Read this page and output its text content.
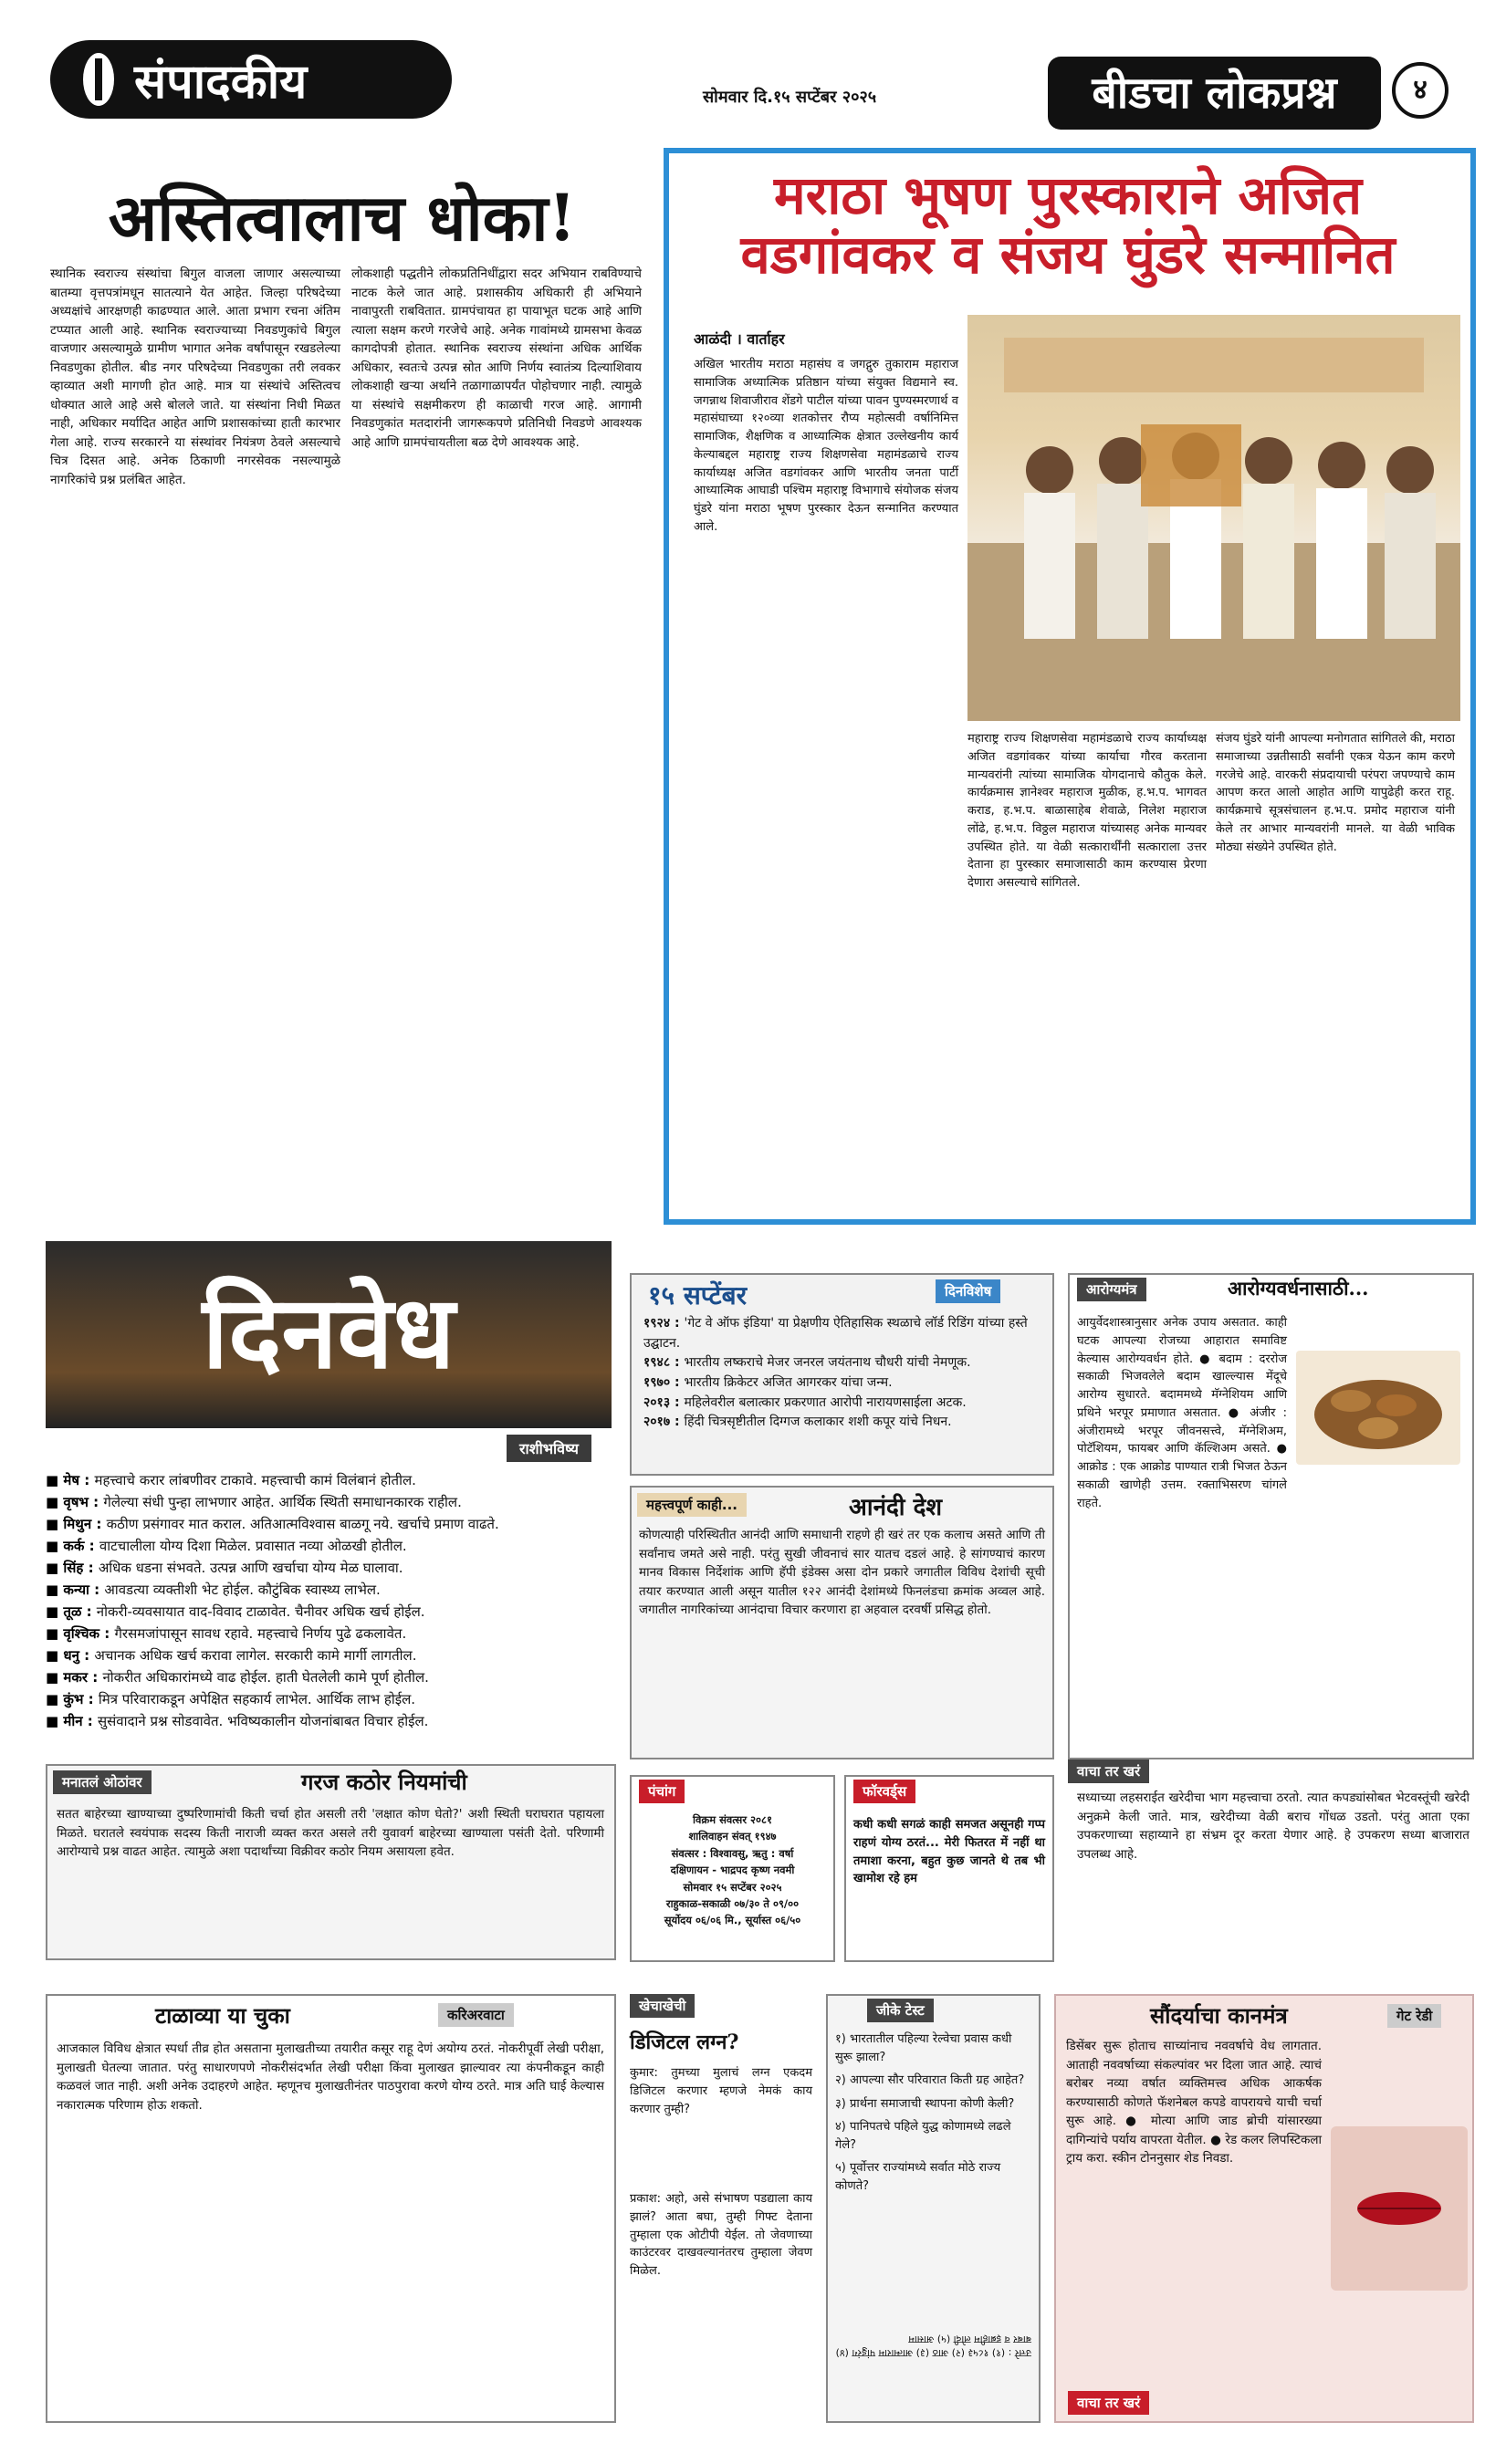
संपादकीय	सोमवार दि.१५ सप्टेंबर २०२५	बीडचा लोकप्रश्न	४
अस्तित्वालाच धोका!
स्थानिक स्वराज्य संस्थांचा बिगुल वाजला जाणार असल्याच्या बातम्या वृत्तपत्रांमधून सातत्याने येत आहेत. जिल्हा परिषदेच्या अध्यक्षांचे आरक्षणही काढण्यात आले. आता प्रभाग रचना अंतिम टप्प्यात आली आहे. स्थानिक स्वराज्याच्या निवडणुकांचे बिगुल वाजणार असल्यामुळे ग्रामीण भागात अनेक वर्षांपासून रखडलेल्या निवडणुका होतील. बीड नगर परिषदेच्या निवडणुका तरी लवकर व्हाव्यात अशी मागणी होत आहे. मात्र या संस्थांचे अस्तित्वच धोक्यात आले आहे असे बोलले जाते. या संस्थांना निधी मिळत नाही, अधिकार मर्यादित आहेत आणि प्रशासकांच्या हाती कारभार गेला आहे. राज्य सरकारने या संस्थांवर नियंत्रण ठेवले असल्याचे चित्र दिसत आहे. अनेक ठिकाणी नगरसेवक नसल्यामुळे नागरिकांचे प्रश्न प्रलंबित आहेत.
लोकशाही पद्धतीने लोकप्रतिनिधींद्वारा सदर अभियान राबविण्याचे नाटक केले जात आहे. प्रशासकीय अधिकारी ही अभियाने नावापुरती राबवितात. ग्रामपंचायत हा पायाभूत घटक आहे आणि त्याला सक्षम करणे गरजेचे आहे. अनेक गावांमध्ये ग्रामसभा केवळ कागदोपत्री होतात. स्थानिक स्वराज्य संस्थांना अधिक आर्थिक अधिकार, स्वतःचे उत्पन्न स्रोत आणि निर्णय स्वातंत्र्य दिल्याशिवाय लोकशाही खऱ्या अर्थाने तळागाळापर्यंत पोहोचणार नाही. त्यामुळे या संस्थांचे सक्षमीकरण ही काळाची गरज आहे. आगामी निवडणुकांत मतदारांनी जागरूकपणे प्रतिनिधी निवडणे आवश्यक आहे आणि ग्रामपंचायतीला बळ देणे आवश्यक आहे.
मराठा भूषण पुरस्काराने अजित वडगांवकर व संजय घुंडरे सन्मानित
आळंदी । वार्ताहर
अखिल भारतीय मराठा महासंघ व जगद्गुरु तुकाराम महाराज सामाजिक अध्यात्मिक प्रतिष्ठान यांच्या संयुक्त विद्यमाने स्व. जगन्नाथ शिवाजीराव शेंडगे पाटील यांच्या पावन पुण्यस्मरणार्थ व महासंघाच्या १२०व्या शतकोत्तर रौप्य महोत्सवी वर्षानिमित्त सामाजिक, शैक्षणिक व आध्यात्मिक क्षेत्रात उल्लेखनीय कार्य केल्याबद्दल महाराष्ट्र राज्य शिक्षणसेवा महामंडळाचे राज्य कार्याध्यक्ष अजित वडगांवकर आणि भारतीय जनता पार्टी आध्यात्मिक आघाडी पश्चिम महाराष्ट्र विभागाचे संयोजक संजय घुंडरे यांना मराठा भूषण पुरस्कार देऊन सन्मानित करण्यात आले.
महाराष्ट्र राज्य शिक्षणसेवा महामंडळाचे राज्य कार्याध्यक्ष अजित वडगांवकर यांच्या कार्याचा गौरव करताना मान्यवरांनी त्यांच्या सामाजिक योगदानाचे कौतुक केले. कार्यक्रमास ज्ञानेश्वर महाराज मुळीक, ह.भ.प. भागवत कराड, ह.भ.प. बाळासाहेब शेवाळे, निलेश महाराज लोंढे, ह.भ.प. विठ्ठल महाराज यांच्यासह अनेक मान्यवर उपस्थित होते. या वेळी सत्कारार्थींनी सत्काराला उत्तर देताना हा पुरस्कार समाजासाठी काम करण्यास प्रेरणा देणारा असल्याचे सांगितले.
संजय घुंडरे यांनी आपल्या मनोगतात सांगितले की, मराठा समाजाच्या उन्नतीसाठी सर्वांनी एकत्र येऊन काम करणे गरजेचे आहे. वारकरी संप्रदायाची परंपरा जपण्याचे काम आपण करत आलो आहोत आणि यापुढेही करत राहू. कार्यक्रमाचे सूत्रसंचालन ह.भ.प. प्रमोद महाराज यांनी केले तर आभार मान्यवरांनी मानले. या वेळी भाविक मोठ्या संख्येने उपस्थित होते.
दिनवेध
राशीभविष्य
■ मेष : महत्त्वाचे करार लांबणीवर टाकावे. महत्त्वाची कामं विलंबानं होतील.
■ वृषभ : गेलेल्या संधी पुन्हा लाभणार आहेत. आर्थिक स्थिती समाधानकारक राहील.
■ मिथुन : कठीण प्रसंगावर मात कराल. अतिआत्मविश्वास बाळगू नये. खर्चाचे प्रमाण वाढते.
■ कर्क : वाटचालीला योग्य दिशा मिळेल. प्रवासात नव्या ओळखी होतील.
■ सिंह : अधिक धडना संभवते. उत्पन्न आणि खर्चाचा योग्य मेळ घालावा.
■ कन्या : आवडत्या व्यक्तीशी भेट होईल. कौटुंबिक स्वास्थ्य लाभेल.
■ तूळ : नोकरी-व्यवसायात वाद-विवाद टाळावेत. चैनीवर अधिक खर्च होईल.
■ वृश्चिक : गैरसमजांपासून सावध रहावे. महत्त्वाचे निर्णय पुढे ढकलावेत.
■ धनु : अचानक अधिक खर्च करावा लागेल. सरकारी कामे मार्गी लागतील.
■ मकर : नोकरीत अधिकारांमध्ये वाढ होईल. हाती घेतलेली कामे पूर्ण होतील.
■ कुंभ : मित्र परिवाराकडून अपेक्षित सहकार्य लाभेल. आर्थिक लाभ होईल.
■ मीन : सुसंवादाने प्रश्न सोडवावेत. भविष्यकालीन योजनांबाबत विचार होईल.
१५ सप्टेंबर	दिनविशेष
१९२४ : 'गेट वे ऑफ इंडिया' या प्रेक्षणीय ऐतिहासिक स्थळाचे लॉर्ड रिडिंग यांच्या हस्ते उद्घाटन.
१९४८ : भारतीय लष्कराचे मेजर जनरल जयंतनाथ चौधरी यांची नेमणूक.
१९७० : भारतीय क्रिकेटर अजित आगरकर यांचा जन्म.
२०१३ : महिलेवरील बलात्कार प्रकरणात आरोपी नारायणसाईला अटक.
२०१७ : हिंदी चित्रसृष्टीतील दिग्गज कलाकार शशी कपूर यांचे निधन.
महत्त्वपूर्ण काही...	आनंदी देश
कोणत्याही परिस्थितीत आनंदी आणि समाधानी राहणे ही खरं तर एक कलाच असते आणि ती सर्वांनाच जमते असे नाही. परंतु सुखी जीवनाचं सार यातच दडलं आहे. हे सांगण्याचं कारण मानव विकास निर्देशांक आणि हॅपी इंडेक्स असा दोन प्रकारे जगातील विविध देशांची सूची तयार करण्यात आली असून यातील १२२ आनंदी देशांमध्ये फिनलंडचा क्रमांक अव्वल आहे. जगातील नागरिकांच्या आनंदाचा विचार करणारा हा अहवाल दरवर्षी प्रसिद्ध होतो.
आरोग्यमंत्र	आरोग्यवर्धनासाठी...
आयुर्वेदशास्त्रानुसार अनेक उपाय असतात. काही घटक आपल्या रोजच्या आहारात समाविष्ट केल्यास आरोग्यवर्धन होते. ● बदाम : दररोज सकाळी भिजवलेले बदाम खाल्ल्यास मेंदूचे आरोग्य सुधारते. बदाममध्ये मॅग्नेशियम आणि प्रथिने भरपूर प्रमाणात असतात. ● अंजीर : अंजीरामध्ये भरपूर जीवनसत्त्वे, मॅग्नेशिअम, पोटॅशियम, फायबर आणि कॅल्शिअम असते. ● आक्रोड : एक आक्रोड पाण्यात रात्री भिजत ठेऊन सकाळी खाणेही उत्तम. रक्ताभिसरण चांगले राहते.
वाचा तर खरं
सध्याच्या लहसराईत खरेदीचा भाग महत्त्वाचा ठरतो. त्यात कपड्यांसोबत भेटवस्तूंची खरेदी अनुक्रमे केली जाते. मात्र, खरेदीच्या वेळी बराच गोंधळ उडतो. परंतु आता एका उपकरणाच्या सहाय्याने हा संभ्रम दूर करता येणार आहे. हे उपकरण सध्या बाजारात उपलब्ध आहे.
मनातलं ओठांवर	गरज कठोर नियमांची
सतत बाहेरच्या खाण्याच्या दुष्परिणामांची किती चर्चा होत असली तरी 'लक्षात कोण घेतो?' अशी स्थिती घराघरात पहायला मिळते. घरातले स्वयंपाक सदस्य किती नाराजी व्यक्त करत असले तरी युवावर्ग बाहेरच्या खाण्याला पसंती देतो. परिणामी आरोग्याचे प्रश्न वाढत आहेत. त्यामुळे अशा पदार्थांच्या विक्रीवर कठोर नियम असायला हवेत.
पंचांग
विक्रम संवत्सर २०८१
शालिवाहन संवत् १९४७
संवत्सर : विश्वावसु, ऋतु : वर्षा
दक्षिणायन - भाद्रपद कृष्ण नवमी
सोमवार १५ सप्टेंबर २०२५
राहुकाळ-सकाळी ०७/३० ते ०९/००
सूर्योदय ०६/०६ मि., सूर्यास्त ०६/५०
फॉरवर्ड्स
कधी कधी सगळं काही समजत असूनही गप्प राहणं योग्य ठरतं... मेरी फितरत में नहीं था तमाशा करना, बहुत कुछ जानते थे तब भी खामोश रहे हम
टाळाव्या या चुका	करिअरवाटा
आजकाल विविध क्षेत्रात स्पर्धा तीव्र होत असताना मुलाखतीच्या तयारीत कसूर राहू देणं अयोग्य ठरतं. नोकरीपूर्वी लेखी परीक्षा, मुलाखती घेतल्या जातात. परंतु साधारणपणे नोकरीसंदर्भात लेखी परीक्षा किंवा मुलाखत झाल्यावर त्या कंपनीकडून काही कळवलं जात नाही. अशी अनेक उदाहरणे आहेत. म्हणूनच मुलाखतीनंतर पाठपुरावा करणे योग्य ठरते. मात्र अति घाई केल्यास नकारात्मक परिणाम होऊ शकतो.
खेचाखेची
डिजिटल लग्न?
कुमार: तुमच्या मुलाचं लग्न एकदम डिजिटल करणार म्हणजे नेमकं काय करणार तुम्ही?
प्रकाश: अहो, असे संभाषण पडद्याला काय झालं? आता बघा, तुम्ही गिफ्ट देताना तुम्हाला एक ओटीपी येईल. तो जेवणाच्या काउंटरवर दाखवल्यानंतरच तुम्हाला जेवण मिळेल.
जीके टेस्ट
१) भारतातील पहिल्या रेल्वेचा प्रवास कधी सुरू झाला?
२) आपल्या सौर परिवारात किती ग्रह आहेत?
३) प्रार्थना समाजाची स्थापना कोणी केली?
४) पानिपतचे पहिले युद्ध कोणामध्ये लढले गेले?
५) पूर्वोत्तर राज्यांमध्ये सर्वात मोठे राज्य कोणते?
उत्तरे : (१) १८५३ (२) आठ (३) आत्माराम पांडुरंग (४) बाबर व इब्राहीम लोदी (५) आसाम
सौंदर्याचा कानमंत्र	गेट रेडी
डिसेंबर सुरू होताच साच्यांनाच नववर्षाचे वेध लागतात. आताही नववर्षाच्या संकल्पांवर भर दिला जात आहे. त्याचं बरोबर नव्या वर्षात व्यक्तिमत्त्व अधिक आकर्षक करण्यासाठी कोणते फॅशनेबल कपडे वापरायचे याची चर्चा सुरू आहे. ● मोत्या आणि जाड ब्रोची यांसारख्या दागिन्यांचे पर्याय वापरता येतील. ● रेड कलर लिपस्टिकला ट्राय करा. स्कीन टोननुसार शेड निवडा.
वाचा तर खरं
